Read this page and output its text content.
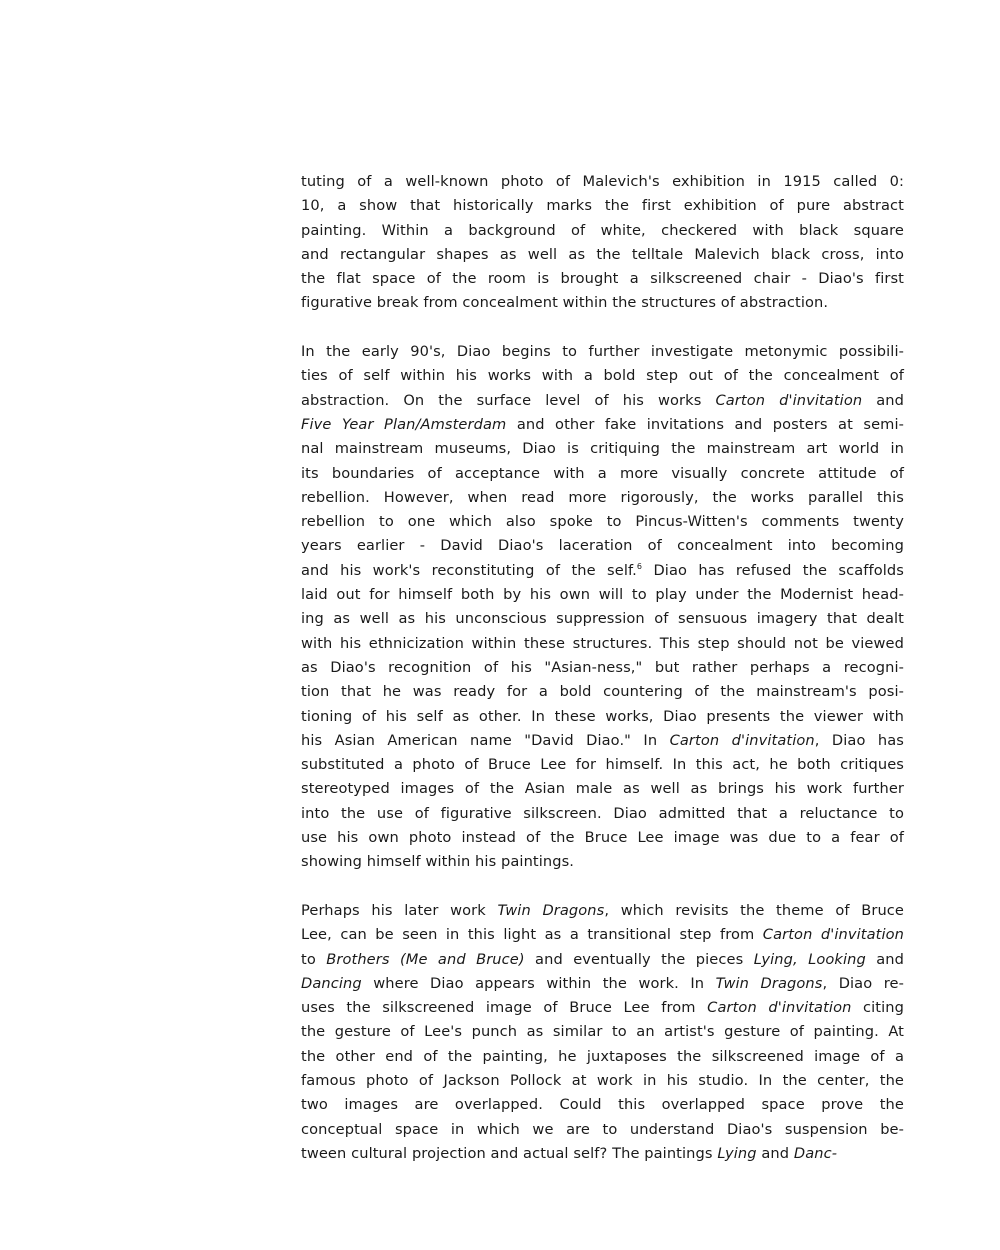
tuting of a well-known photo of Malevich's exhibition in 1915 called 0:
10, a show that historically marks the first exhibition of pure abstract
painting. Within a background of white, checkered with black square
and rectangular shapes as well as the telltale Malevich black cross, into
the flat space of the room is brought a silkscreened chair - Diao's first
figurative break from concealment within the structures of abstraction.

In the early 90's, Diao begins to further investigate metonymic possibili-
ties of self within his works with a bold step out of the concealment of
abstraction. On the surface level of his works Carton d'invitation and
Five Year Plan/Amsterdam and other fake invitations and posters at semi-
nal mainstream museums, Diao is critiquing the mainstream art world in
its boundaries of acceptance with a more visually concrete attitude of
rebellion. However, when read more rigorously, the works parallel this
rebellion to one which also spoke to Pincus-Witten's comments twenty
years earlier - David Diao's laceration of concealment into becoming
and his work's reconstituting of the self.$^6$ Diao has refused the scaffolds
laid out for himself both by his own will to play under the Modernist head-
ing as well as his unconscious suppression of sensuous imagery that dealt
with his ethnicization within these structures. This step should not be viewed
as Diao's recognition of his "Asian-ness," but rather perhaps a recogni-
tion that he was ready for a bold countering of the mainstream's posi-
tioning of his self as other. In these works, Diao presents the viewer with
his Asian American name "David Diao." In Carton d'invitation, Diao has
substituted a photo of Bruce Lee for himself. In this act, he both critiques
stereotyped images of the Asian male as well as brings his work further
into the use of figurative silkscreen. Diao admitted that a reluctance to
use his own photo instead of the Bruce Lee image was due to a fear of
showing himself within his paintings.

Perhaps his later work Twin Dragons, which revisits the theme of Bruce
Lee, can be seen in this light as a transitional step from Carton d'invitation
to Brothers (Me and Bruce) and eventually the pieces Lying, Looking and
Dancing where Diao appears within the work. In Twin Dragons, Diao re-
uses the silkscreened image of Bruce Lee from Carton d'invitation citing
the gesture of Lee's punch as similar to an artist's gesture of painting. At
the other end of the painting, he juxtaposes the silkscreened image of a
famous photo of Jackson Pollock at work in his studio. In the center, the
two images are overlapped. Could this overlapped space prove the
conceptual space in which we are to understand Diao's suspension be-
tween cultural projection and actual self? The paintings Lying and Danc-
